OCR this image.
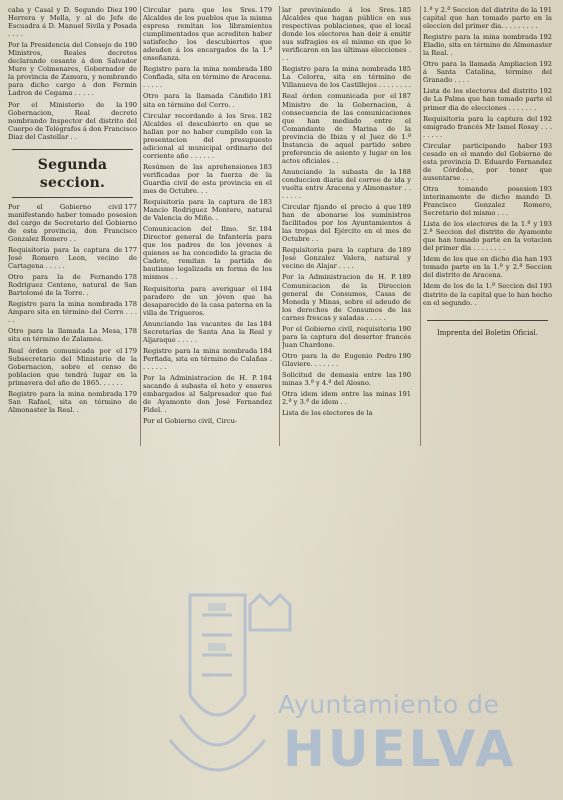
190
caba y Casal y D. Segundo Diez Herrera y Mella, y al de Jefe de Escuadra á D. Manuel Sivila y Posada . . . .

190
Por la Presidencia del Consejo de Ministros, Reales decretos declarando cesante á don Salvador Muro y Colmenares, Gobernador de la provincia de Zamora, y nombrando para dicho cargo á don Fermin Ladron de Cegama . . . . .

190
Por el Ministerio de la Gobernacion, Real decreto nombrando Inspector del distrito del Cuerpo de Telégrafos á don Francisco Diaz del Castellar . .

Segunda seccion.

177
Por el Gobierno civil manifestando haber tomado posesion del cargo de Secretario del Gobierno de esta provincia, don Francisco Gonzalez Romero . .

177
Requisitoria para la captura de José Romero Leon, vecino de Cartagena . . . . .

178
Otro para la de Fernando Rodriguez Centeno, natural de San Bartolomé de la Torre. .

178
Registro para la mina nombrada Amparo sita en término del Cerro . . . . .

178
Otro para la llamada La Mesa, sita en término de Zalamea.

179
Real órden comunicada por el Subsecretario del Ministerio de la Gobernacion, sobre el censo de poblacion que tendrá lugar en la primavera del año de 1865. . . . . .

179
Registro para la mina nombrada San Rafael, sita en término de Almonaster la Real. .

179
Circular para que los Sres. Alcaldes de los pueblos que la misma espresa remitan los libramientos cumplimentados que acrediten haber satisfecho los descubiertos que adeuden á los encargados de la 1.ª enseñanza.

180
Registro para la mina nombrada Confiada, sita en término de Aracena. . . . . .

181
Otro para la llamada Cándido sita en término del Cerro. .

182
Circular recordando á los Sres. Alcaldes el descubierto en que se hallan por no haber cumplido con la presentacion del presupuesto adicional al municipal ordinario del corriente año . . . . . .

183
Resúmen de las aprehensiones verificadas por la fuerza de la Guardia civil de esta provincia en el mes de Octubre. . .

183
Requisitoria para la captura de Mancio Rodriguez Montero, natural de Valencia do Miño. .

184
Comunicacion del Ilmo. Sr. Director general de Infantería para que los padres de los jóvenes á quienes se ha concedido la gracia de Cadete, remitan la partida de bautismo legalizada en forma de los mismos . .

184
Requisitoria para averiguar el paradero de un jóven que ha desaparecido de la casa paterna en la villa de Trigueros.

184
Anunciando las vacantes de las Secretarías de Santa Ana la Real y Aljaraque . . . . .

184
Registro para la mina nombrada Perfiada, sita en término de Calañas . . . . . . .

184
Por la Administracion de H. P. sacando á subasta el hoto y enseres embargados al Salpresador que fué de Ayamonte don José Fernandez Fidel. .

Por el Gobierno civil, Circu-

185
lar previniendo á los Sres. Alcaldes que hagan público en sus respectivas poblaciones, que el local donde los electores han deir á emitir sus sufragios es el mismo en que lo verificaron en las últimas elecciones . . .

185
Registro para la mina nombrada La Celorra, sita en término de Villanueva de los Castillejos . . . . . . . .

187
Real órden comunicada por el Ministro de la Gobernacion, á consecuencia de las comunicaciones que han mediado entre el Comandante de Marina de la provincia de Ibiza y el Juez de 1.ª Instancia de aquel partido sobre preferencia de asiento y lugar en los actos oficiales . .

188
Anunciando la subasta de la conduccion diaria del correo de ida y vuelta entre Aracena y Almonaster . . . . . . .

189
Circular fijando el precio á que han de abonarse los suministros facilitados por los Ayuntamientos á las tropas del Ejército en el mes de Octubre . .

189
Requisitoria para la captura de José Gonzalez Valera, natural y vecino de Alajar . . . .

189
Por la Administracion de H. P. Comunicacion de la Direccion general de Consumos, Casas de Moneda y Minas, sobre el adeudo de los derechos de Consumos de las carnes frescas y saladas . . . . .

190
Por el Gobierno civil, requisitoria para la captura del desertor francés Juan Chardone.

190
Otro para la de Eugenio Pedro Glaviere. . . . . . .

190
Solicitud de demasia entre las minas 3.ª y 4.ª del Alosno.

191
Otra idem idem entre las minas 2.ª y 3.ª de idem . .

Lista de los electores de la

191
1.ª y 2.ª Seccion del distrito de la capital que han tomado parte en la eleccion del primer dia. . . . . . . . .

192
Registro para la mina nombrada Eladio, sita en término de Almonaster la Real. .

192
Otro para la llamada Ampliacion á Santa Catalina, término del Granado . . . .

192
Lista de los electores del distrito de La Palma que han tomado parte el primer dia de elecciones . . . . . . .

192
Requisitoria para la captura del emigrado francés Mr Ismel Rosay . . . . . . . .

193
Circular participando haber cesado en el mando del Gobierno de esta provincia D. Eduardo Fernandez de Córdoba, por tener que ausentarse . . .

193
Otra tomando posesion interinamente de dicho mando D. Francisco Gonzalez Romero, Secretario del mismo . . .

193
Lista de los electores de la 1.ª y 2.ª Seccion del distrito de Ayamonte que han tomado parte en la votacion del primer dia . . . . . . . .

193
Idem de los que en dicho dia han tomado parte en la 1.ª y 2.ª Seccion del distrito de Aracena.

193
Idem de los de la 1.ª Seccion del distrito de la capital que lo han hecho en el segundo. .

Imprenta del Boletin Oficial.
Ayuntamiento de
HUELVA
